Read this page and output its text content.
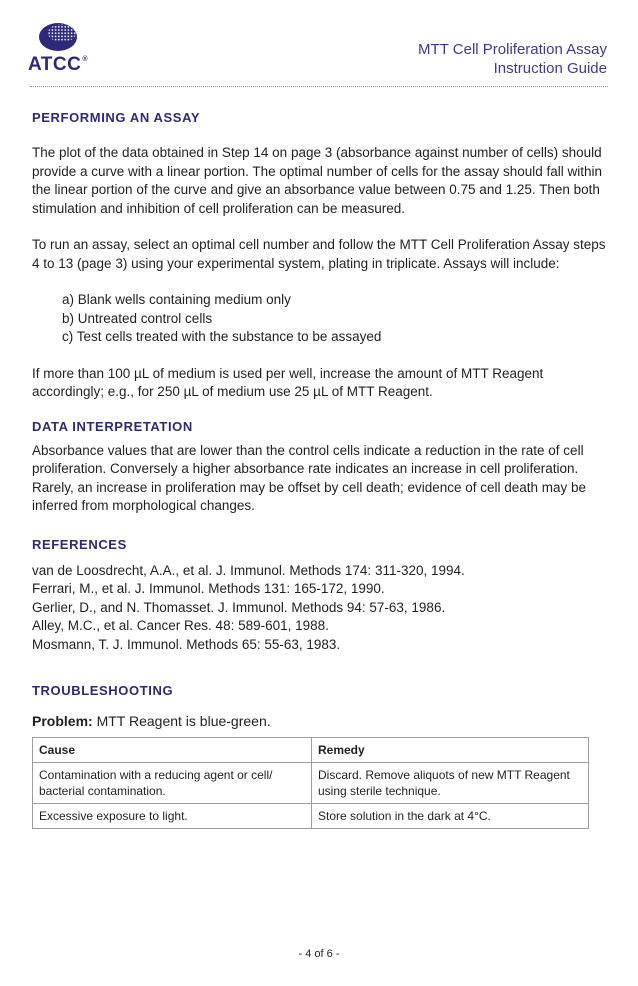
ATCC®
MTT Cell Proliferation Assay
Instruction Guide
PERFORMING AN ASSAY

The plot of the data obtained in Step 14 on page 3 (absorbance against number of cells) should provide a curve with a linear portion. The optimal number of cells for the assay should fall within the linear portion of the curve and give an absorbance value between 0.75 and 1.25. Then both stimulation and inhibition of cell proliferation can be measured.

To run an assay, select an optimal cell number and follow the MTT Cell Proliferation Assay steps 4 to 13 (page 3) using your experimental system, plating in triplicate. Assays will include:

a) Blank wells containing medium only
b) Untreated control cells
c) Test cells treated with the substance to be assayed

If more than 100 µL of medium is used per well, increase the amount of MTT Reagent accordingly; e.g., for 250 µL of medium use 25 µL of MTT Reagent.

DATA INTERPRETATION

Absorbance values that are lower than the control cells indicate a reduction in the rate of cell proliferation. Conversely a higher absorbance rate indicates an increase in cell proliferation. Rarely, an increase in proliferation may be offset by cell death; evidence of cell death may be inferred from morphological changes.

REFERENCES
van de Loosdrecht, A.A., et al. J. Immunol. Methods 174: 311-320, 1994.
Ferrari, M., et al. J. Immunol. Methods 131: 165-172, 1990.
Gerlier, D., and N. Thomasset. J. Immunol. Methods 94: 57-63, 1986.
Alley, M.C., et al. Cancer Res. 48: 589-601, 1988.
Mosmann, T. J. Immunol. Methods 65: 55-63, 1983.
TROUBLESHOOTING
Problem: MTT Reagent is blue-green.
Cause	Remedy
Contamination with a reducing agent or cell/ bacterial contamination.	Discard. Remove aliquots of new MTT Reagent using sterile technique.
Excessive exposure to light.	Store solution in the dark at 4°C.
- 4 of 6 -
